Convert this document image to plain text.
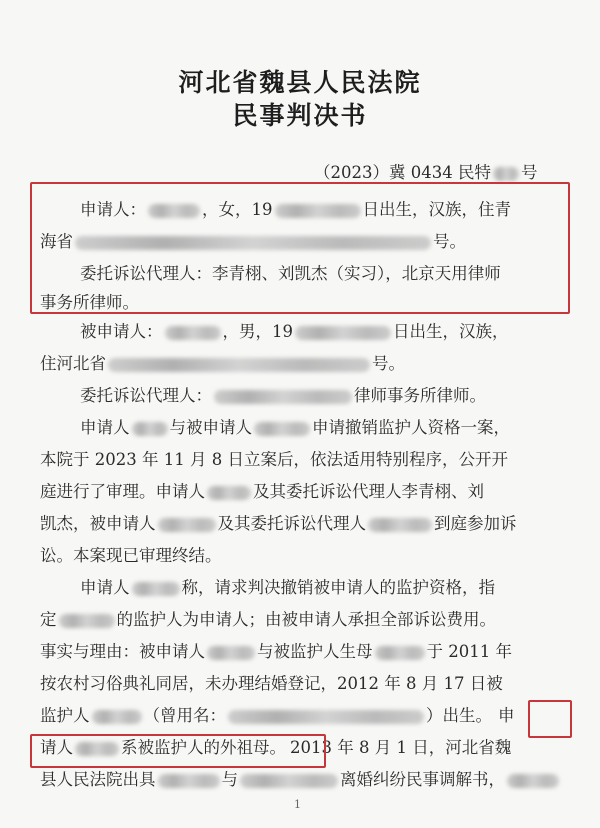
河北省魏县人民法院
民事判决书
（2023）冀 0434 民特 号
申请人：	，女，19	日出生，汉族，住青
海省	号。
委托诉讼代理人：李青栩、刘凯杰（实习），北京天用律师
事务所律师。
被申请人：	，男，19	日出生，汉族，
住河北省	号。
委托诉讼代理人：	律师事务所律师。
申请人 与被申请人	申请撤销监护人资格一案，
本院于 2023 年 11 月 8 日立案后，依法适用特别程序，公开开
庭进行了审理。申请人	及其委托诉讼代理人李青栩、刘
凯杰，被申请人	及其委托诉讼代理人	到庭参加诉
讼。本案现已审理终结。
申请人	称，请求判决撤销被申请人的监护资格，指
定	的监护人为申请人；由被申请人承担全部诉讼费用。
事实与理由：被申请人	与被监护人生母	于 2011 年
按农村习俗典礼同居，未办理结婚登记，2012 年 8 月 17 日被
监护人	（曾用名：	）出生。 申
请人	系被监护人的外祖母。 2013 年 8 月 1 日，河北省魏
县人民法院出具	与	离婚纠纷民事调解书，
1
